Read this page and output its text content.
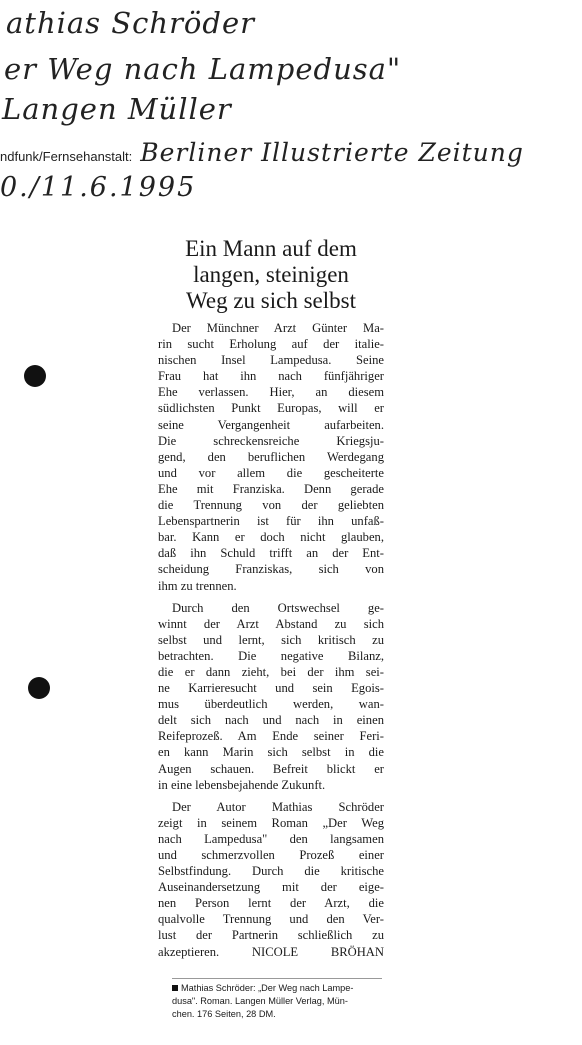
athias Schröder
er Weg nach Lampedusa"
Langen Müller
ndfunk/Fernsehanstalt: Berliner Illustrierte Zeitung
0./11.6.1995
Ein Mann auf dem
langen, steinigen
Weg zu sich selbst
Der Münchner Arzt Günter Ma-
rin sucht Erholung auf der italie-
nischen Insel Lampedusa. Seine
Frau hat ihn nach fünfjähriger
Ehe verlassen. Hier, an diesem
südlichsten Punkt Europas, will er
seine Vergangenheit aufarbeiten.
Die schreckensreiche Kriegsju-
gend, den beruflichen Werdegang
und vor allem die gescheiterte
Ehe mit Franziska. Denn gerade
die Trennung von der geliebten
Lebenspartnerin ist für ihn unfaß-
bar. Kann er doch nicht glauben,
daß ihn Schuld trifft an der Ent-
scheidung Franziskas, sich von
ihm zu trennen.
Durch den Ortswechsel ge-
winnt der Arzt Abstand zu sich
selbst und lernt, sich kritisch zu
betrachten. Die negative Bilanz,
die er dann zieht, bei der ihm sei-
ne Karrieresucht und sein Egois-
mus überdeutlich werden, wan-
delt sich nach und nach in einen
Reifeprozeß. Am Ende seiner Feri-
en kann Marin sich selbst in die
Augen schauen. Befreit blickt er
in eine lebensbejahende Zukunft.
Der Autor Mathias Schröder
zeigt in seinem Roman „Der Weg
nach Lampedusa" den langsamen
und schmerzvollen Prozeß einer
Selbstfindung. Durch die kritische
Auseinandersetzung mit der eige-
nen Person lernt der Arzt, die
qualvolle Trennung und den Ver-
lust der Partnerin schließlich zu
akzeptieren. NICOLE BRÖHAN
Mathias Schröder: „Der Weg nach Lampe-
dusa". Roman. Langen Müller Verlag, Mün-
chen. 176 Seiten, 28 DM.
